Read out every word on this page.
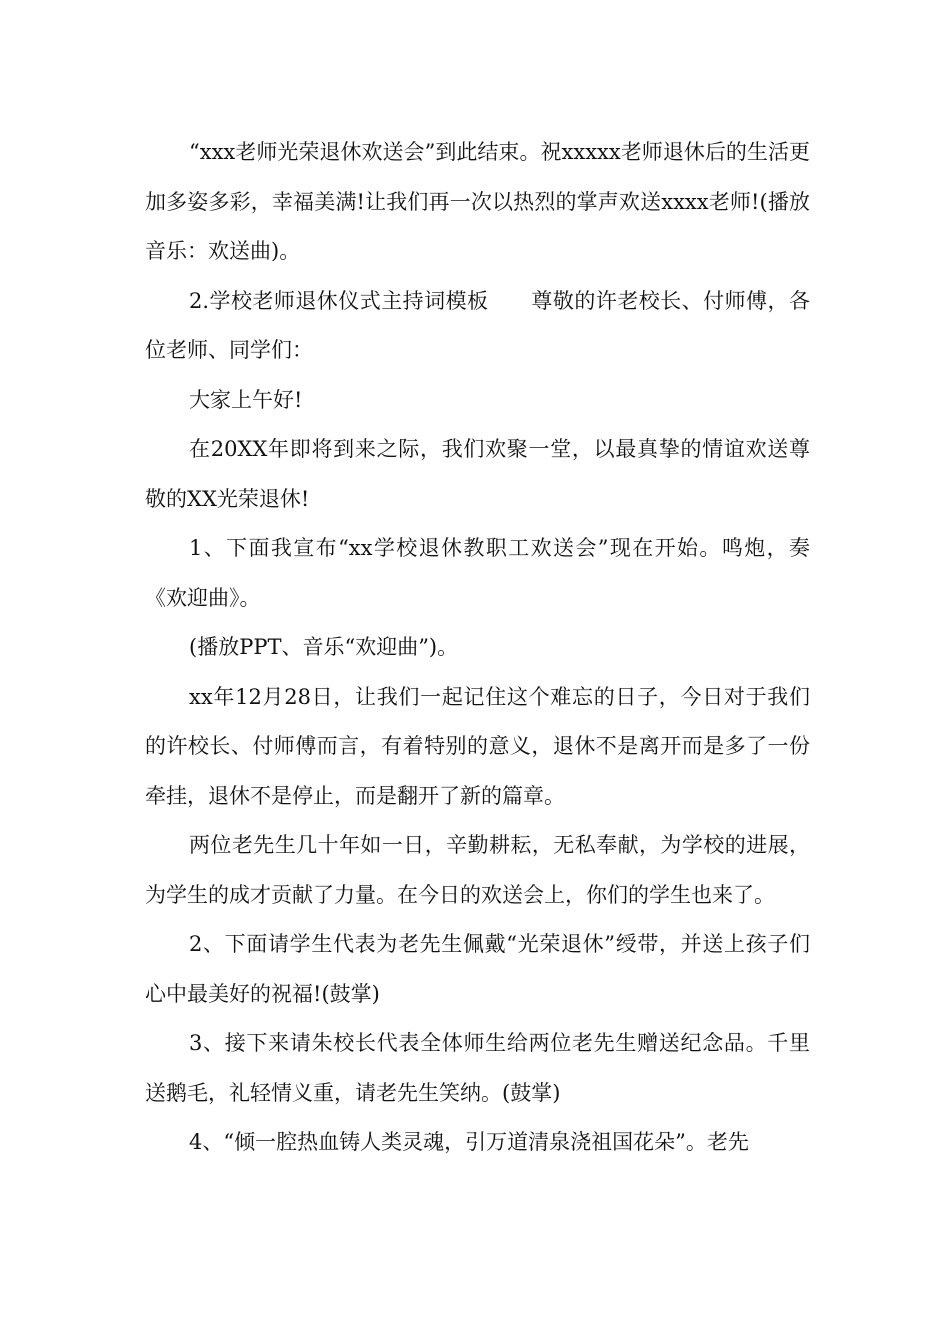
“xxx老师光荣退休欢送会”到此结束。祝xxxxx老师退休后的生活更加多姿多彩，幸福美满!让我们再一次以热烈的掌声欢送xxxx老师!(播放音乐：欢送曲)。

2.学校老师退休仪式主持词模板　　尊敬的许老校长、付师傅，各位老师、同学们：

大家上午好!

在20XX年即将到来之际，我们欢聚一堂，以最真挚的情谊欢送尊敬的XX光荣退休!

1、下面我宣布“xx学校退休教职工欢送会”现在开始。鸣炮，奏《欢迎曲》。

(播放PPT、音乐“欢迎曲”)。

xx年12月28日，让我们一起记住这个难忘的日子，今日对于我们的许校长、付师傅而言，有着特别的意义，退休不是离开而是多了一份牵挂，退休不是停止，而是翻开了新的篇章。

两位老先生几十年如一日，辛勤耕耘，无私奉献，为学校的进展，为学生的成才贡献了力量。在今日的欢送会上，你们的学生也来了。

2、下面请学生代表为老先生佩戴“光荣退休”绶带，并送上孩子们心中最美好的祝福!(鼓掌)

3、接下来请朱校长代表全体师生给两位老先生赠送纪念品。千里送鹅毛，礼轻情义重，请老先生笑纳。(鼓掌)

4、“倾一腔热血铸人类灵魂，引万道清泉浇祖国花朵”。老先
